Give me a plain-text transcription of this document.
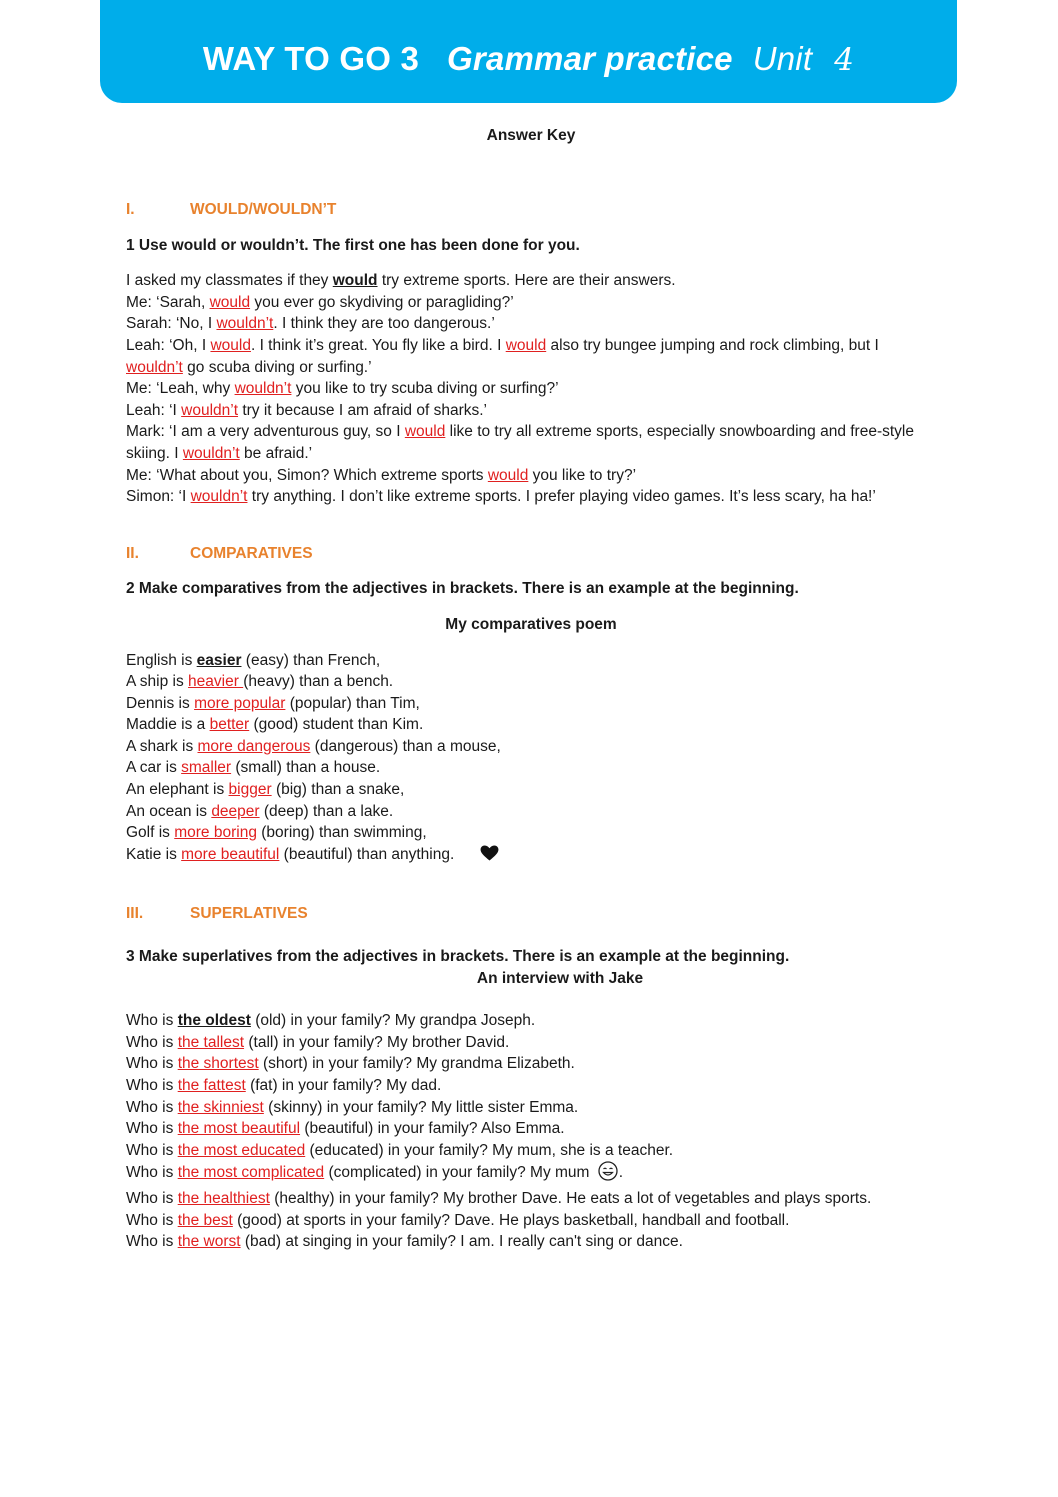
WAY TO GO 3 Grammar practice Unit 4
Answer Key
I.	WOULD/WOULDN’T
1 Use would or wouldn’t. The first one has been done for you.
I asked my classmates if they would try extreme sports. Here are their answers.
Me: ‘Sarah, would you ever go skydiving or paragliding?’
Sarah: ‘No, I wouldn’t. I think they are too dangerous.’
Leah: ‘Oh, I would. I think it’s great. You fly like a bird. I would also try bungee jumping and rock climbing, but I wouldn’t go scuba diving or surfing.’
Me: ‘Leah, why wouldn’t you like to try scuba diving or surfing?’
Leah: ‘I wouldn’t try it because I am afraid of sharks.’
Mark: ‘I am a very adventurous guy, so I would like to try all extreme sports, especially snowboarding and free-style skiing. I wouldn’t be afraid.’
Me: ‘What about you, Simon? Which extreme sports would you like to try?’
Simon: ‘I wouldn’t try anything. I don’t like extreme sports. I prefer playing video games. It’s less scary, ha ha!’
II.	COMPARATIVES
2 Make comparatives from the adjectives in brackets. There is an example at the beginning.
My comparatives poem
English is easier (easy) than French,
A ship is heavier (heavy) than a bench.
Dennis is more popular (popular) than Tim,
Maddie is a better (good) student than Kim.
A shark is more dangerous (dangerous) than a mouse,
A car is smaller (small) than a house.
An elephant is bigger (big) than a snake,
An ocean is deeper (deep) than a lake.
Golf is more boring (boring) than swimming,
Katie is more beautiful (beautiful) than anything.
III.	SUPERLATIVES
3 Make superlatives from the adjectives in brackets. There is an example at the beginning.
An interview with Jake
Who is the oldest (old) in your family? My grandpa Joseph.
Who is the tallest (tall) in your family? My brother David.
Who is the shortest (short) in your family? My grandma Elizabeth.
Who is the fattest (fat) in your family? My dad.
Who is the skinniest (skinny) in your family? My little sister Emma.
Who is the most beautiful (beautiful) in your family? Also Emma.
Who is the most educated (educated) in your family? My mum, she is a teacher.
Who is the most complicated (complicated) in your family? My mum .
Who is the healthiest (healthy) in your family? My brother Dave. He eats a lot of vegetables and plays sports.
Who is the best (good) at sports in your family? Dave. He plays basketball, handball and football.
Who is the worst (bad) at singing in your family? I am. I really can't sing or dance.
